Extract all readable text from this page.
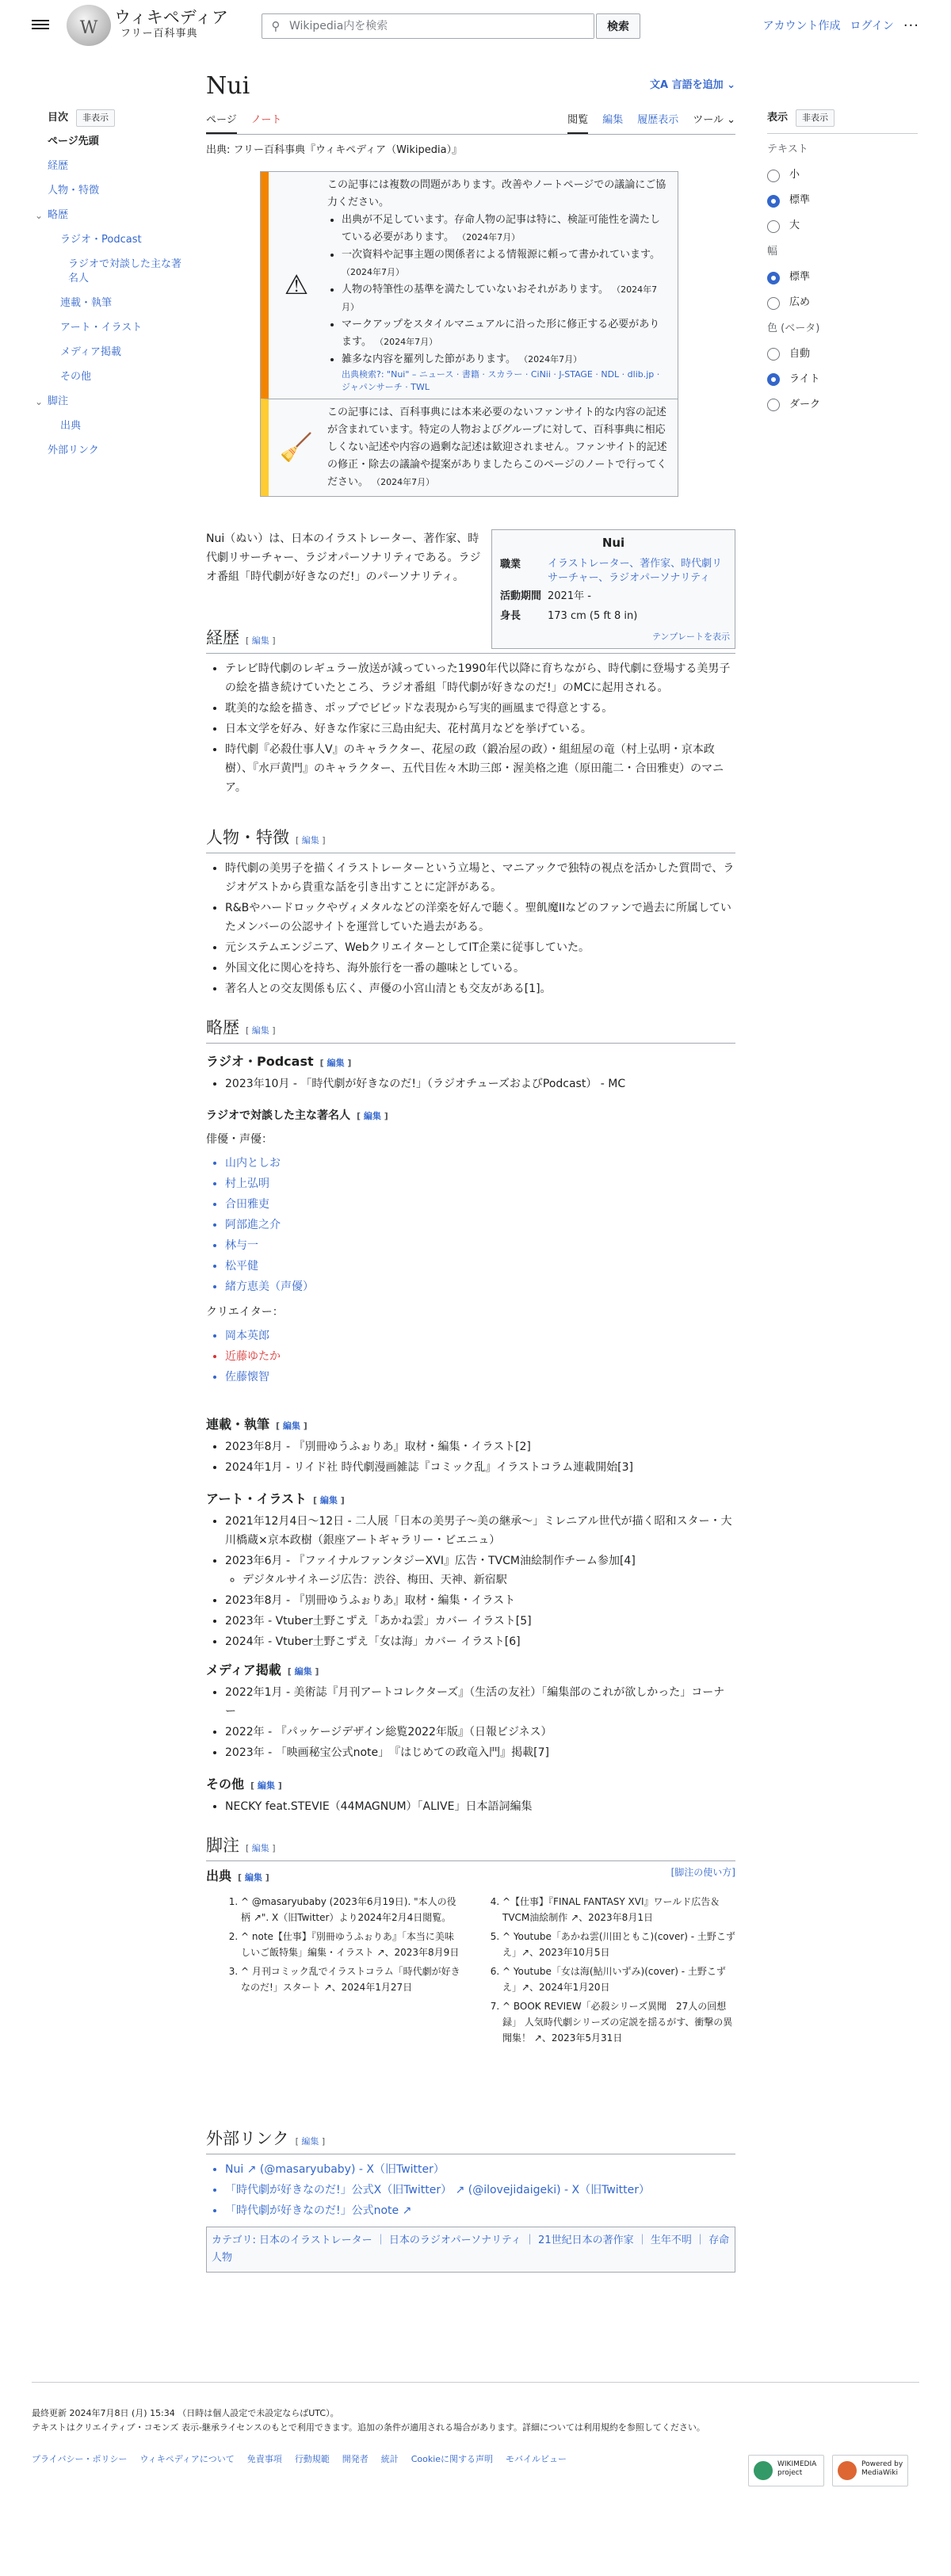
W
ウィキペディア
フリー百科事典
⚲
Wikipedia内を検索	検索	アカウント作成 ログイン ···
目次	非表示
ページ先頭
経歴
人物・特徴
⌄ 略歴
ラジオ・Podcast
ラジオで対談した主な著名人
連載・執筆
アート・イラスト
メディア掲載
その他
⌄ 脚注
出典
外部リンク
表示	非表示
テキスト
小
標準
大
幅
標準
広め
色 (ベータ)
自動
ライト
ダーク
Nui	文A 言語を追加 ⌄
ページ ノート	閲覧 編集 履歴表示 ツール ⌄
出典: フリー百科事典『ウィキペディア（Wikipedia）』
⚠
この記事には複数の問題があります。改善やノートページでの議論にご協力ください。
• 出典が不足しています。存命人物の記事は特に、検証可能性を満たしている必要があります。 （2024年7月）
• 一次資料や記事主題の関係者による情報源に頼って書かれています。 （2024年7月）
• 人物の特筆性の基準を満たしていないおそれがあります。 （2024年7月）
• マークアップをスタイルマニュアルに沿った形に修正する必要があります。 （2024年7月）
• 雑多な内容を羅列した節があります。 （2024年7月）
出典検索?: "Nui" – ニュース · 書籍 · スカラー · CiNii · J-STAGE · NDL · dlib.jp · ジャパンサーチ · TWL
🧹
この記事には、百科事典には本来必要のないファンサイト的な内容の記述が含まれています。特定の人物およびグループに対して、百科事典に相応しくない記述や内容の過剰な記述は歓迎されません。ファンサイト的記述の修正・除去の議論や提案がありましたらこのページのノートで行ってください。 （2024年7月）
Nui（ぬい）は、日本のイラストレーター、著作家、時代劇リサーチャー、ラジオパーソナリティである。ラジオ番組「時代劇が好きなのだ!」のパーソナリティ。
Nui
職業	イラストレーター、著作家、時代劇リサーチャー、ラジオパーソナリティ
活動期間	2021年 -
身長	173 cm (5 ft 8 in)
テンプレートを表示
経歴 [ 編集 ]
• テレビ時代劇のレギュラー放送が減っていった1990年代以降に育ちながら、時代劇に登場する美男子の絵を描き続けていたところ、ラジオ番組「時代劇が好きなのだ!」のMCに起用される。
• 耽美的な絵を描き、ポップでビビッドな表現から写実的画風まで得意とする。
• 日本文学を好み、好きな作家に三島由紀夫、花村萬月などを挙げている。
• 時代劇『必殺仕事人V』のキャラクター、花屋の政（鍛冶屋の政）・組紐屋の竜（村上弘明・京本政樹）、『水戸黄門』のキャラクター、五代目佐々木助三郎・渥美格之進（原田龍二・合田雅吏）のマニア。
人物・特徴 [ 編集 ]
• 時代劇の美男子を描くイラストレーターという立場と、マニアックで独特の視点を活かした質問で、ラジオゲストから貴重な話を引き出すことに定評がある。
• R&Bやハードロックやヴィメタルなどの洋楽を好んで聴く。聖飢魔IIなどのファンで過去に所属していたメンバーの公認サイトを運営していた過去がある。
• 元システムエンジニア、WebクリエイターとしてIT企業に従事していた。
• 外国文化に関心を持ち、海外旅行を一番の趣味としている。
• 著名人との交友関係も広く、声優の小宮山清とも交友がある[1]。
略歴 [ 編集 ]
ラジオ・Podcast [ 編集 ]
• 2023年10月 - 「時代劇が好きなのだ!」（ラジオチューズおよびPodcast） - MC
ラジオで対談した主な著名人 [ 編集 ]
俳優・声優：
• 山内としお
• 村上弘明
• 合田雅吏
• 阿部進之介
• 林与一
• 松平健
• 緒方恵美（声優）
クリエイター：
• 岡本英郎
• 近藤ゆたか
• 佐藤懐智
連載・執筆 [ 編集 ]
• 2023年8月 - 『別冊ゆうふぉりあ』取材・編集・イラスト[2]
• 2024年1月 - リイド社 時代劇漫画雑誌『コミック乱』イラストコラム連載開始[3]
アート・イラスト [ 編集 ]
• 2021年12月4日〜12日 - 二人展「日本の美男子〜美の継承〜」ミレニアル世代が描く昭和スター・大川橋蔵×京本政樹（銀座アートギャラリー・ビエニュ）
• 2023年6月 - 『ファイナルファンタジーXVI』広告・TVCM油絵制作チーム参加[4]
◦ デジタルサイネージ広告：渋谷、梅田、天神、新宿駅
• 2023年8月 - 『別冊ゆうふぉりあ』取材・編集・イラスト
• 2023年 - Vtuber土野こずえ「あかね雲」カバー イラスト[5]
• 2024年 - Vtuber土野こずえ「女は海」カバー イラスト[6]
メディア掲載 [ 編集 ]
• 2022年1月 - 美術誌『月刊アートコレクターズ』（生活の友社）「編集部のこれが欲しかった」コーナー
• 2022年 - 『パッケージデザイン総覧2022年版』（日報ビジネス）
• 2023年 - 「映画秘宝公式note」　『はじめての政竜入門』掲載[7]
その他 [ 編集 ]
• NECKY feat.STEVIE（44MAGNUM）「ALIVE」日本語詞編集
脚注 [ 編集 ]
出典 [ 編集 ]	[脚注の使い方]
1. ^ @masaryubaby (2023年6月19日). "本人の役柄 ↗". X（旧Twitter）より2024年2月4日閲覧。
2. ^ note【仕事】『別冊ゆうふぉりあ』「本当に美味しいご飯特集」編集・イラスト ↗、2023年8月9日
3. ^ 月刊コミック乱でイラストコラム「時代劇が好きなのだ!」スタート ↗、2024年1月27日
4. ^【仕事】『FINAL FANTASY XVI』ワールド広告＆TVCM油絵制作 ↗、2023年8月1日
5. ^ Youtube「あかね雲(川田ともこ)(cover) - 土野こずえ」↗、2023年10月5日
6. ^ Youtube「女は海(鮎川いずみ)(cover) - 土野こずえ」↗、2024年1月20日
7. ^ BOOK REVIEW「必殺シリーズ異聞　27人の回想録」 人気時代劇シリーズの定説を揺るがす、衝撃の異聞集！ ↗、2023年5月31日
外部リンク [ 編集 ]
• Nui ↗ (@masaryubaby) - X（旧Twitter）
• 「時代劇が好きなのだ!」公式X（旧Twitter） ↗ (@ilovejidaigeki) - X（旧Twitter）
• 「時代劇が好きなのだ!」公式note ↗
カテゴリ: 日本のイラストレーター ｜ 日本のラジオパーソナリティ ｜ 21世紀日本の著作家 ｜ 生年不明 ｜ 存命人物
最終更新 2024年7月8日 (月) 15:34 （日時は個人設定で未設定ならばUTC）。
テキストはクリエイティブ・コモンズ 表示-継承ライセンスのもとで利用できます。追加の条件が適用される場合があります。詳細については利用規約を参照してください。
プライバシー・ポリシー ウィキペディアについて 免責事項 行動規範 開発者 統計 Cookieに関する声明 モバイルビュー	WIKIMEDIA project
Powered by MediaWiki
